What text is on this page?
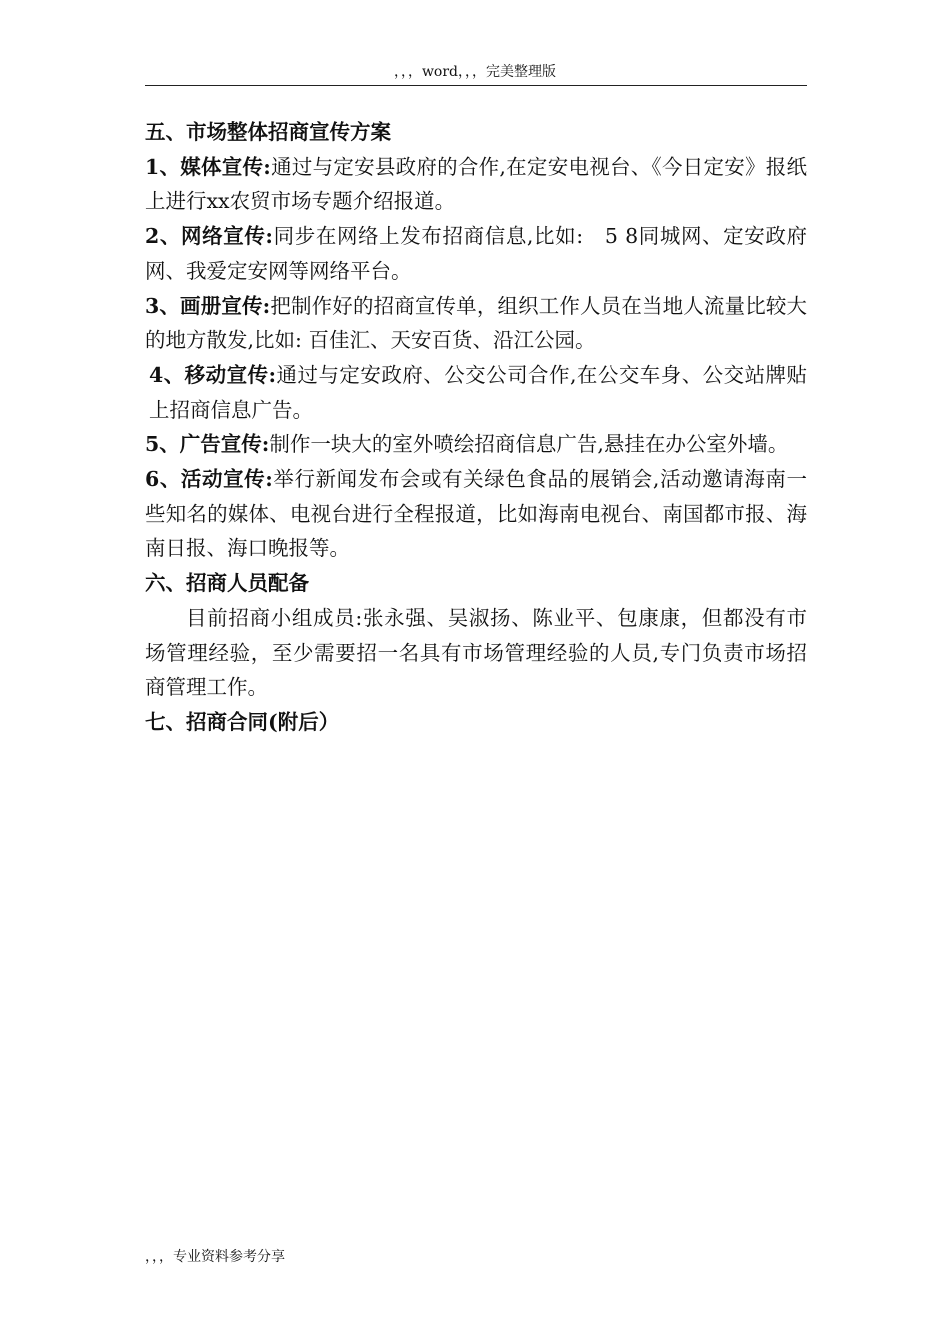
，，，word，，，完美整理版

五、市场整体招商宣传方案

1、媒体宣传:通过与定安县政府的合作,在定安电视台、《今日定安》报纸上进行xx农贸市场专题介绍报道。

2、网络宣传:同步在网络上发布招商信息,比如:　5 8同城网、定安政府网、我爱定安网等网络平台。

3、画册宣传:把制作好的招商宣传单，组织工作人员在当地人流量比较大的地方散发,比如: 百佳汇、天安百货、沿江公园。

4、移动宣传:通过与定安政府、公交公司合作,在公交车身、公交站牌贴上招商信息广告。

5、广告宣传:制作一块大的室外喷绘招商信息广告,悬挂在办公室外墙。

6、活动宣传:举行新闻发布会或有关绿色食品的展销会,活动邀请海南一些知名的媒体、电视台进行全程报道，比如海南电视台、南国都市报、海南日报、海口晚报等。

六、招商人员配备

目前招商小组成员:张永强、吴淑扬、陈业平、包康康，但都没有市场管理经验，至少需要招一名具有市场管理经验的人员,专门负责市场招商管理工作。

七、招商合同(附后）

，，，专业资料参考分享
